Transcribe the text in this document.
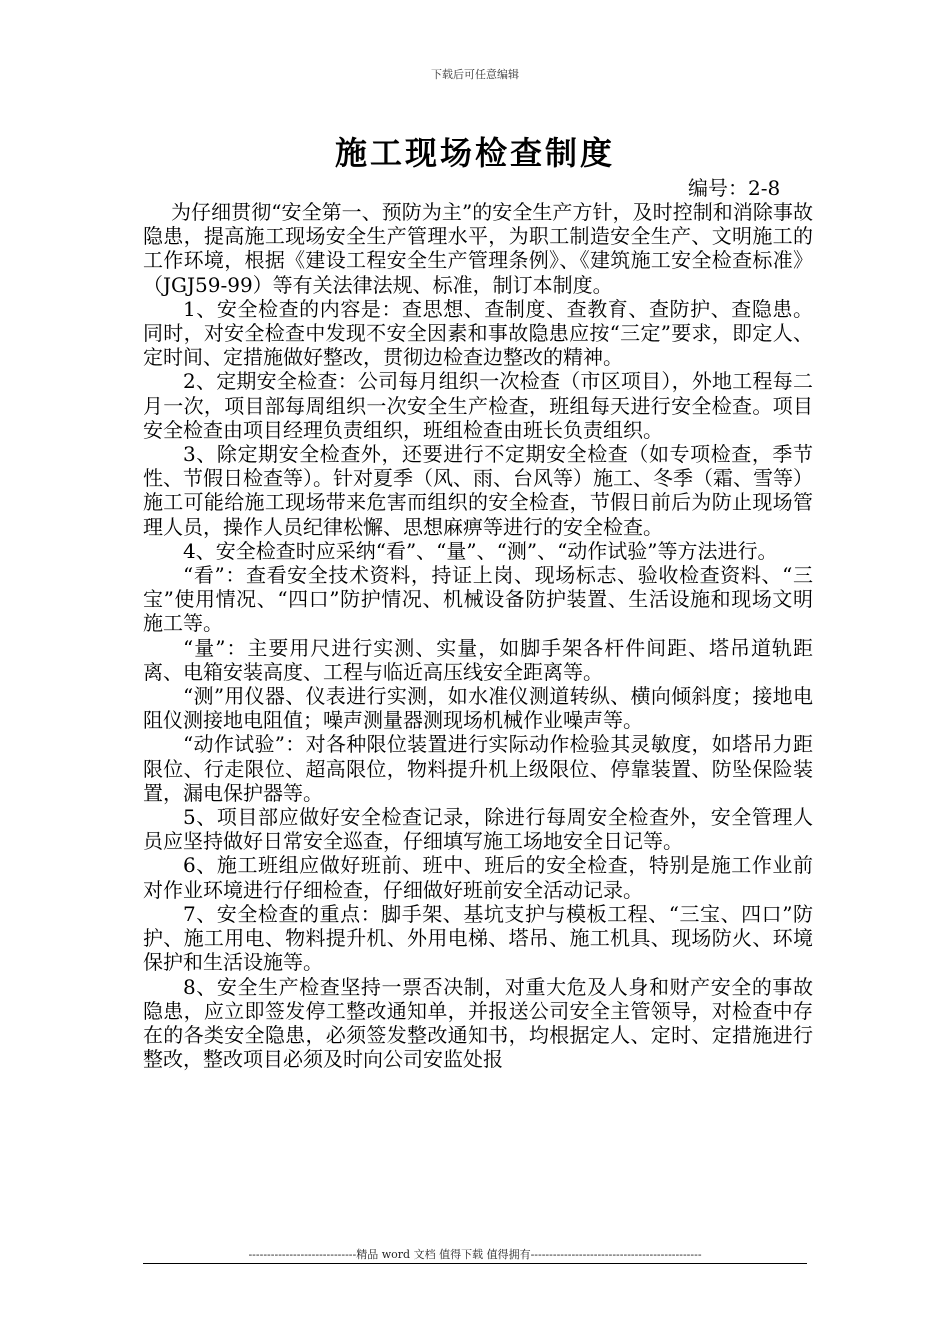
下载后可任意编辑
施工现场检查制度
编号：2-8

为仔细贯彻“安全第一、预防为主”的安全生产方针，及时控制和消除事故隐患，提高施工现场安全生产管理水平，为职工制造安全生产、文明施工的工作环境，根据《建设工程安全生产管理条例》、《建筑施工安全检查标准》（JGJ59-99）等有关法律法规、标准，制订本制度。

1、安全检查的内容是：查思想、查制度、查教育、查防护、查隐患。同时，对安全检查中发现不安全因素和事故隐患应按“三定”要求，即定人、定时间、定措施做好整改，贯彻边检查边整改的精神。

2、定期安全检查：公司每月组织一次检查（市区项目），外地工程每二月一次，项目部每周组织一次安全生产检查，班组每天进行安全检查。项目安全检查由项目经理负责组织，班组检查由班长负责组织。

3、除定期安全检查外，还要进行不定期安全检查（如专项检查，季节性、节假日检查等）。针对夏季（风、雨、台风等）施工、冬季（霜、雪等）施工可能给施工现场带来危害而组织的安全检查，节假日前后为防止现场管理人员，操作人员纪律松懈、思想麻痹等进行的安全检查。

4、安全检查时应采纳“看”、“量”、“测”、“动作试验”等方法进行。

“看”：查看安全技术资料，持证上岗、现场标志、验收检查资料、“三宝”使用情况、“四口”防护情况、机械设备防护装置、生活设施和现场文明施工等。

“量”：主要用尺进行实测、实量，如脚手架各杆件间距、塔吊道轨距离、电箱安装高度、工程与临近高压线安全距离等。

“测”用仪器、仪表进行实测，如水准仪测道转纵、横向倾斜度；接地电阻仪测接地电阻值；噪声测量器测现场机械作业噪声等。

“动作试验”：对各种限位装置进行实际动作检验其灵敏度，如塔吊力距限位、行走限位、超高限位，物料提升机上级限位、停靠装置、防坠保险装置，漏电保护器等。

5、项目部应做好安全检查记录，除进行每周安全检查外，安全管理人员应坚持做好日常安全巡查，仔细填写施工场地安全日记等。

6、施工班组应做好班前、班中、班后的安全检查，特别是施工作业前对作业环境进行仔细检查，仔细做好班前安全活动记录。

7、安全检查的重点：脚手架、基坑支护与模板工程、“三宝、四口”防护、施工用电、物料提升机、外用电梯、塔吊、施工机具、现场防火、环境保护和生活设施等。

8、安全生产检查坚持一票否决制，对重大危及人身和财产安全的事故隐患，应立即签发停工整改通知单，并报送公司安全主管领导，对检查中存在的各类安全隐患，必须签发整改通知书，均根据定人、定时、定措施进行整改，整改项目必须及时向公司安监处报

-----------------------------精品 word 文档 值得下载 值得拥有----------------------------------------------
